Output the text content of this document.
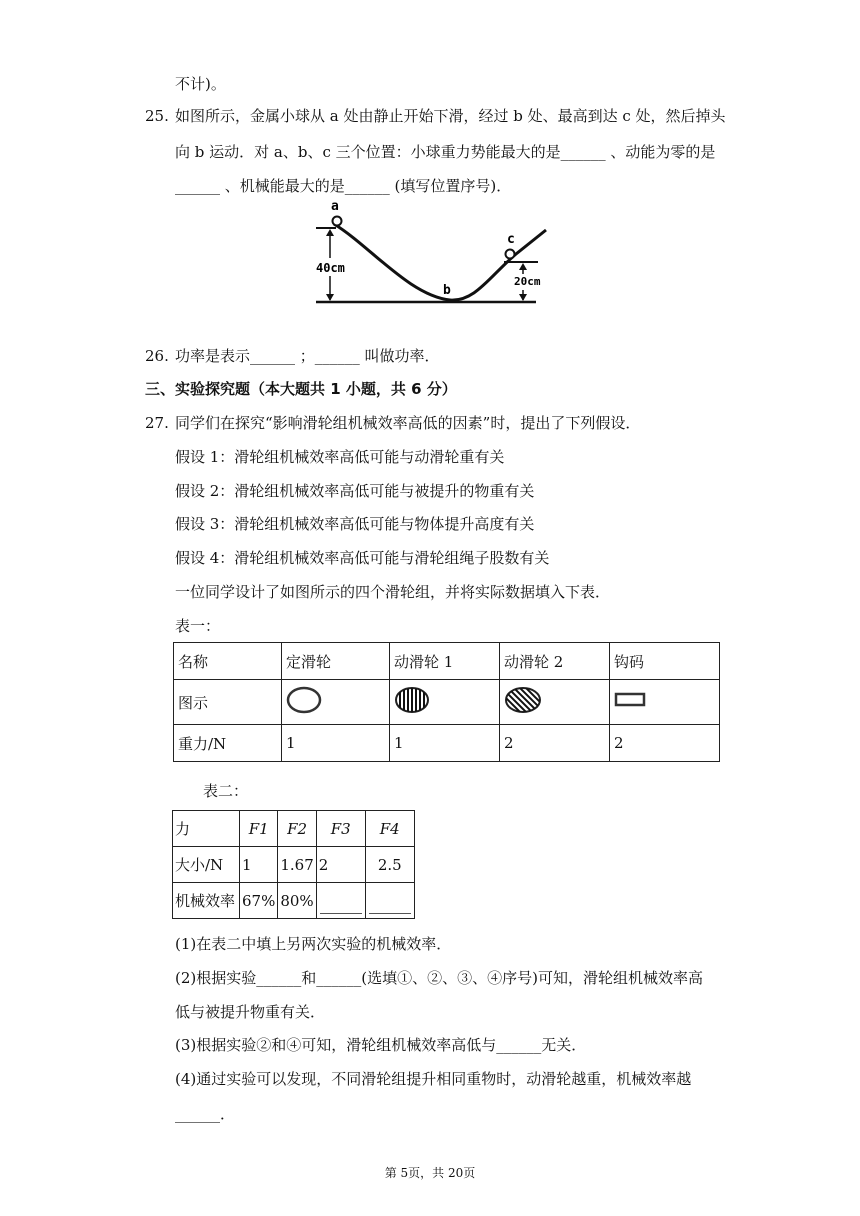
不计)。
25. 如图所示，金属小球从 a 处由静止开始下滑，经过 b 处、最高到达 c 处，然后掉头
向 b 运动．对 a、b、c 三个位置：小球重力势能最大的是______ 、动能为零的是
______ 、机械能最大的是______ (填写位置序号)．
a
b
c
40cm
20cm
26. 功率是表示______ ；______ 叫做功率．
三、实验探究题（本大题共 1 小题，共 6 分）
27. 同学们在探究“影响滑轮组机械效率高低的因素”时，提出了下列假设．
假设 1：滑轮组机械效率高低可能与动滑轮重有关
假设 2：滑轮组机械效率高低可能与被提升的物重有关
假设 3：滑轮组机械效率高低可能与物体提升高度有关
假设 4：滑轮组机械效率高低可能与滑轮组绳子股数有关
一位同学设计了如图所示的四个滑轮组，并将实际数据填入下表．
表一：
名称	定滑轮	动滑轮 1	动滑轮 2	钩码
图示				
重力/N	1	1	2	2
表二：
力	F1	F2	F3	F4
大小/N	1	1.67	2	2.5
机械效率	67%	80%	

(1)在表二中填上另两次实验的机械效率．
(2)根据实验______和______(选填①、②、③、④序号)可知，滑轮组机械效率高
低与被提升物重有关．
(3)根据实验②和④可知，滑轮组机械效率高低与______无关．
(4)通过实验可以发现，不同滑轮组提升相同重物时，动滑轮越重，机械效率越
______．
第 5页，共 20页
